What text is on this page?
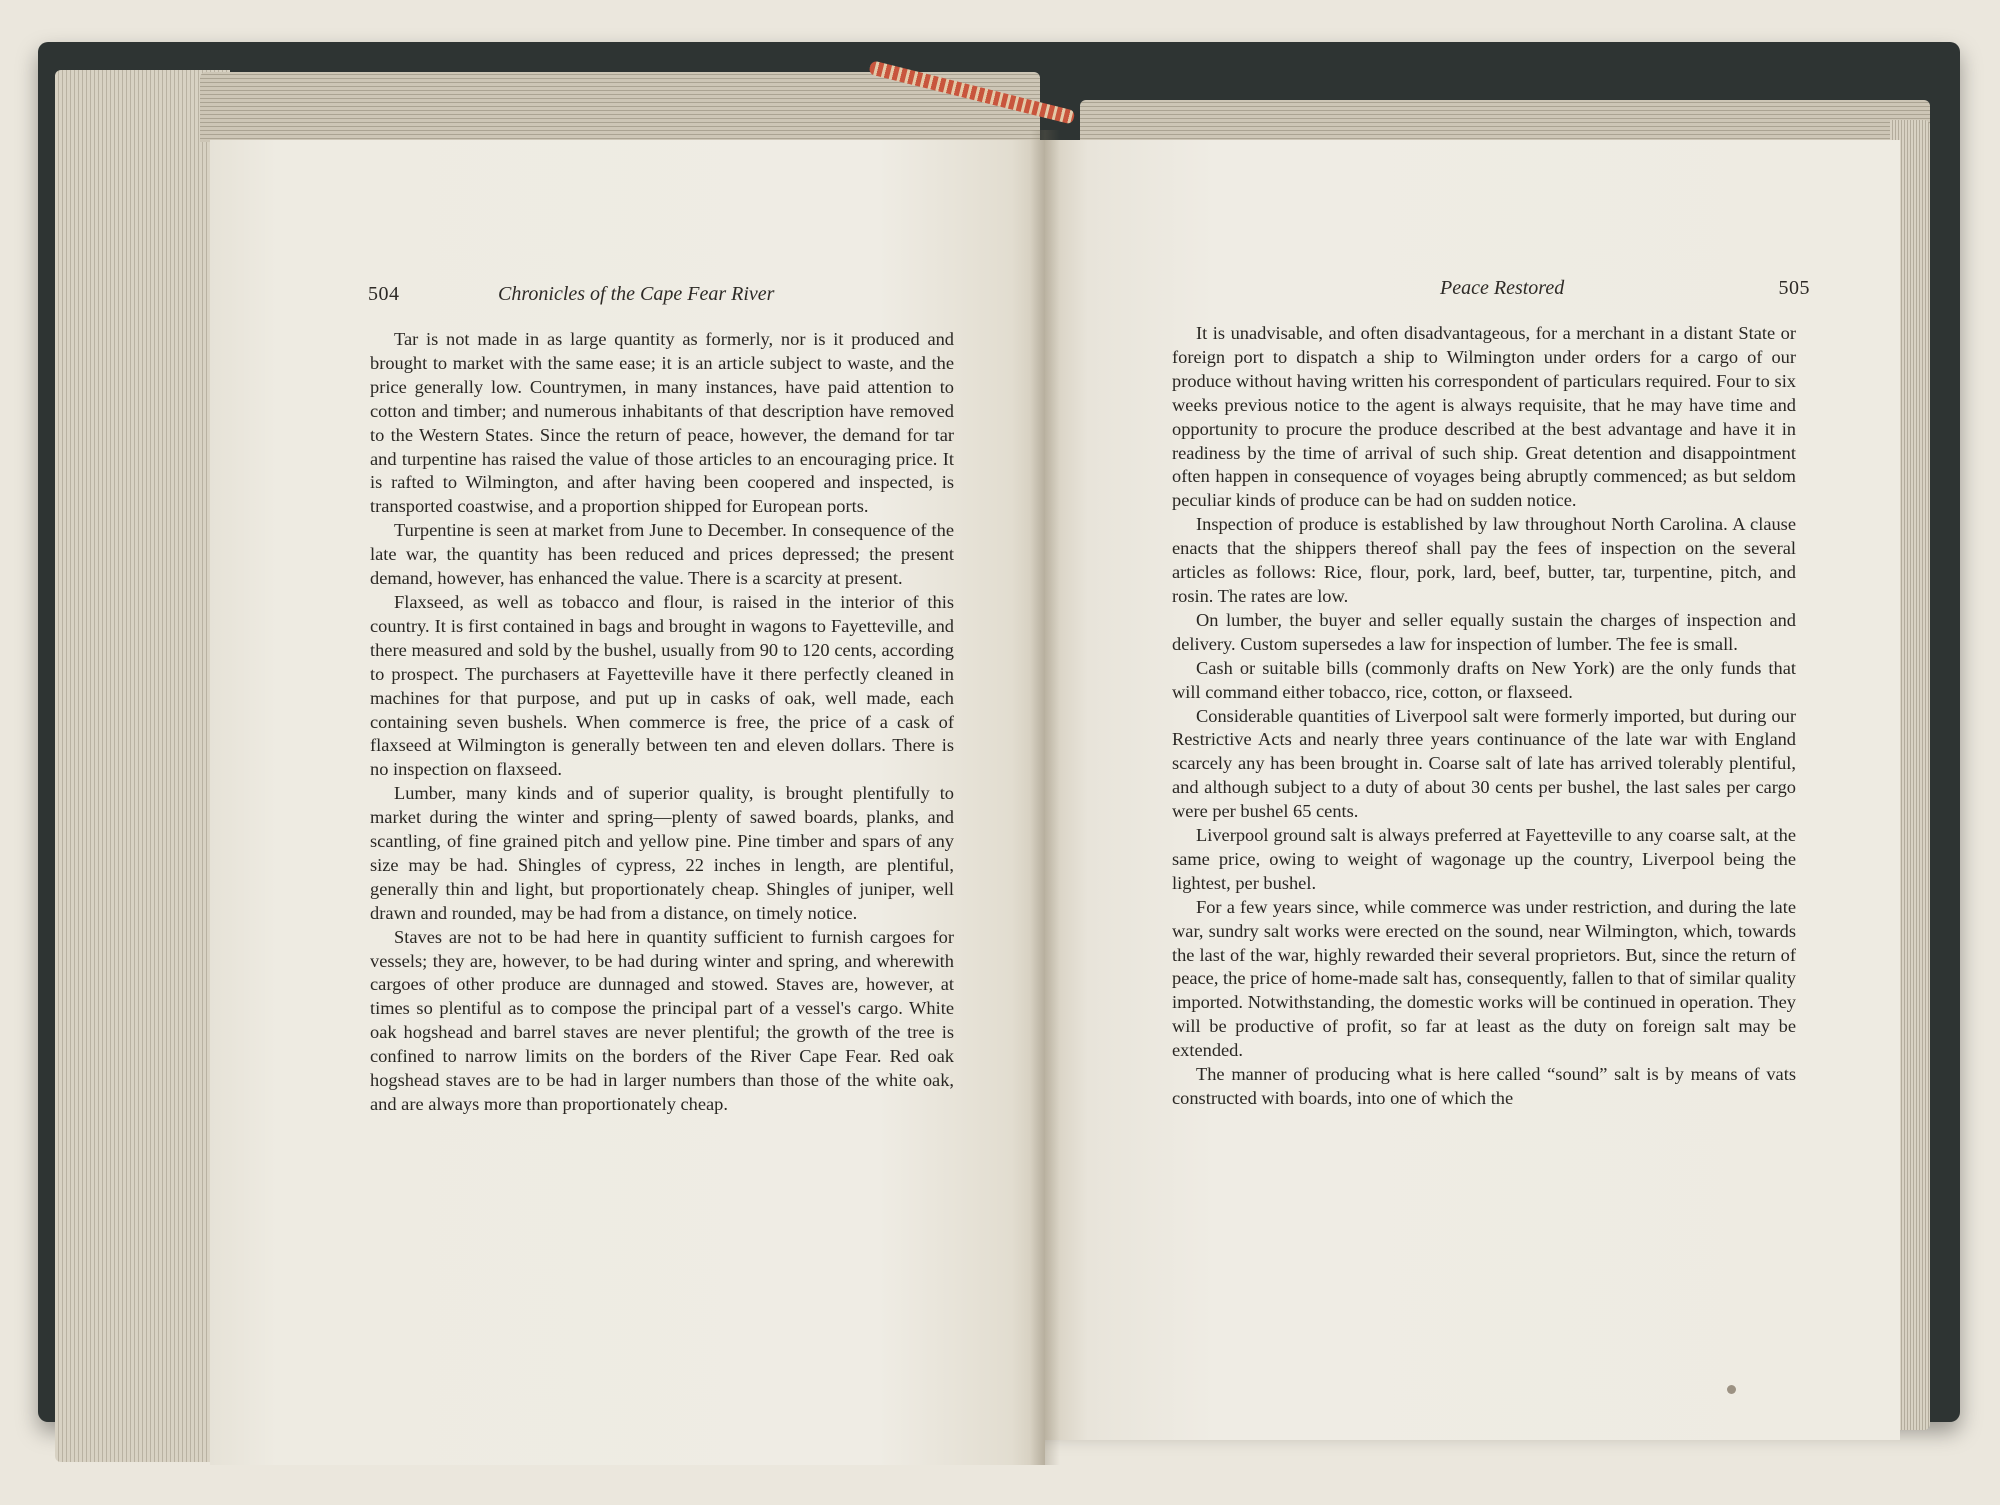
504	Chronicles of the Cape Fear River

Tar is not made in as large quantity as formerly, nor is it produced and brought to market with the same ease; it is an article subject to waste, and the price generally low. Countrymen, in many instances, have paid attention to cotton and timber; and numerous inhabitants of that description have removed to the Western States. Since the return of peace, however, the demand for tar and turpentine has raised the value of those articles to an encouraging price. It is rafted to Wilmington, and after having been coopered and inspected, is transported coastwise, and a proportion shipped for European ports.

Turpentine is seen at market from June to December. In consequence of the late war, the quantity has been reduced and prices depressed; the present demand, however, has enhanced the value. There is a scarcity at present.

Flaxseed, as well as tobacco and flour, is raised in the interior of this country. It is first contained in bags and brought in wagons to Fayetteville, and there measured and sold by the bushel, usually from 90 to 120 cents, according to prospect. The purchasers at Fayetteville have it there perfectly cleaned in machines for that purpose, and put up in casks of oak, well made, each containing seven bushels. When commerce is free, the price of a cask of flaxseed at Wilmington is generally between ten and eleven dollars. There is no inspection on flaxseed.

Lumber, many kinds and of superior quality, is brought plentifully to market during the winter and spring—plenty of sawed boards, planks, and scantling, of fine grained pitch and yellow pine. Pine timber and spars of any size may be had. Shingles of cypress, 22 inches in length, are plentiful, generally thin and light, but proportionately cheap. Shingles of juniper, well drawn and rounded, may be had from a distance, on timely notice.

Staves are not to be had here in quantity sufficient to furnish cargoes for vessels; they are, however, to be had during winter and spring, and wherewith cargoes of other produce are dunnaged and stowed. Staves are, however, at times so plentiful as to compose the principal part of a vessel's cargo. White oak hogshead and barrel staves are never plentiful; the growth of the tree is confined to narrow limits on the borders of the River Cape Fear. Red oak hogshead staves are to be had in larger numbers than those of the white oak, and are always more than proportionately cheap.

Peace Restored	505

It is unadvisable, and often disadvantageous, for a merchant in a distant State or foreign port to dispatch a ship to Wilmington under orders for a cargo of our produce without having written his correspondent of particulars required. Four to six weeks previous notice to the agent is always requisite, that he may have time and opportunity to procure the produce described at the best advantage and have it in readiness by the time of arrival of such ship. Great detention and disappointment often happen in consequence of voyages being abruptly commenced; as but seldom peculiar kinds of produce can be had on sudden notice.

Inspection of produce is established by law throughout North Carolina. A clause enacts that the shippers thereof shall pay the fees of inspection on the several articles as follows: Rice, flour, pork, lard, beef, butter, tar, turpentine, pitch, and rosin. The rates are low.

On lumber, the buyer and seller equally sustain the charges of inspection and delivery. Custom supersedes a law for inspection of lumber. The fee is small.

Cash or suitable bills (commonly drafts on New York) are the only funds that will command either tobacco, rice, cotton, or flaxseed.

Considerable quantities of Liverpool salt were formerly imported, but during our Restrictive Acts and nearly three years continuance of the late war with England scarcely any has been brought in. Coarse salt of late has arrived tolerably plentiful, and although subject to a duty of about 30 cents per bushel, the last sales per cargo were per bushel 65 cents.

Liverpool ground salt is always preferred at Fayetteville to any coarse salt, at the same price, owing to weight of wagonage up the country, Liverpool being the lightest, per bushel.

For a few years since, while commerce was under restriction, and during the late war, sundry salt works were erected on the sound, near Wilmington, which, towards the last of the war, highly rewarded their several proprietors. But, since the return of peace, the price of home-made salt has, consequently, fallen to that of similar quality imported. Notwithstanding, the domestic works will be continued in operation. They will be productive of profit, so far at least as the duty on foreign salt may be extended.

The manner of producing what is here called “sound” salt is by means of vats constructed with boards, into one of which the
